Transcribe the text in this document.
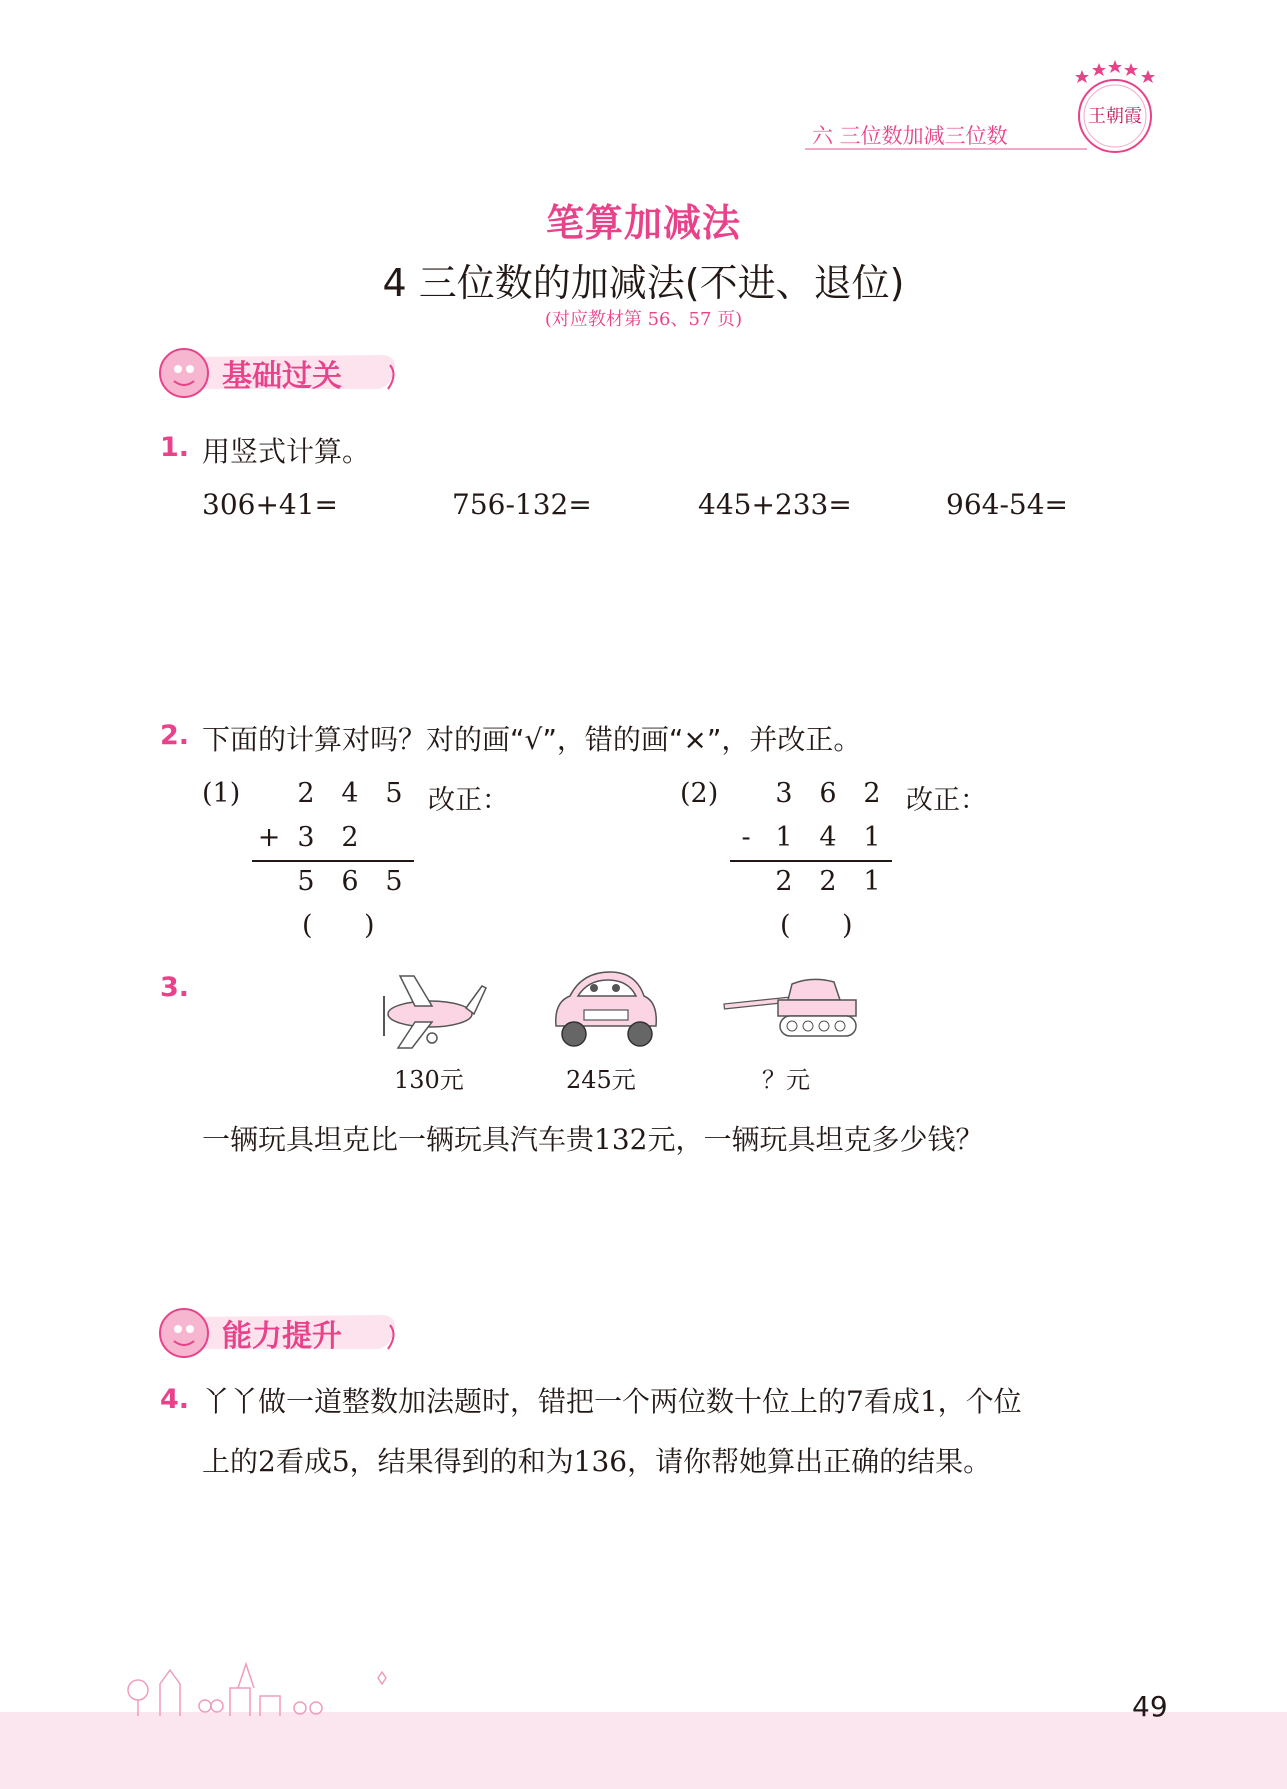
六 三位数加减三位数
王朝霞
笔算加减法
4 三位数的加减法(不进、退位)
(对应教材第 56、57 页)
基础过关
1. 用竖式计算。
306+41=	756-132=	445+233=	964-54=
2. 下面的计算对吗？对的画“√”，错的画“×”，并改正。
(1)	2 4 5 改正：
+ 3 2
5 6 5
(      )
(2)	3 6 2 改正：
- 1 4 1
2 2 1
(      )
3.
130元	245元	？元
一辆玩具坦克比一辆玩具汽车贵132元，一辆玩具坦克多少钱？
能力提升
4. 丫丫做一道整数加法题时，错把一个两位数十位上的7看成1，个位
上的2看成5，结果得到的和为136，请你帮她算出正确的结果。
49
